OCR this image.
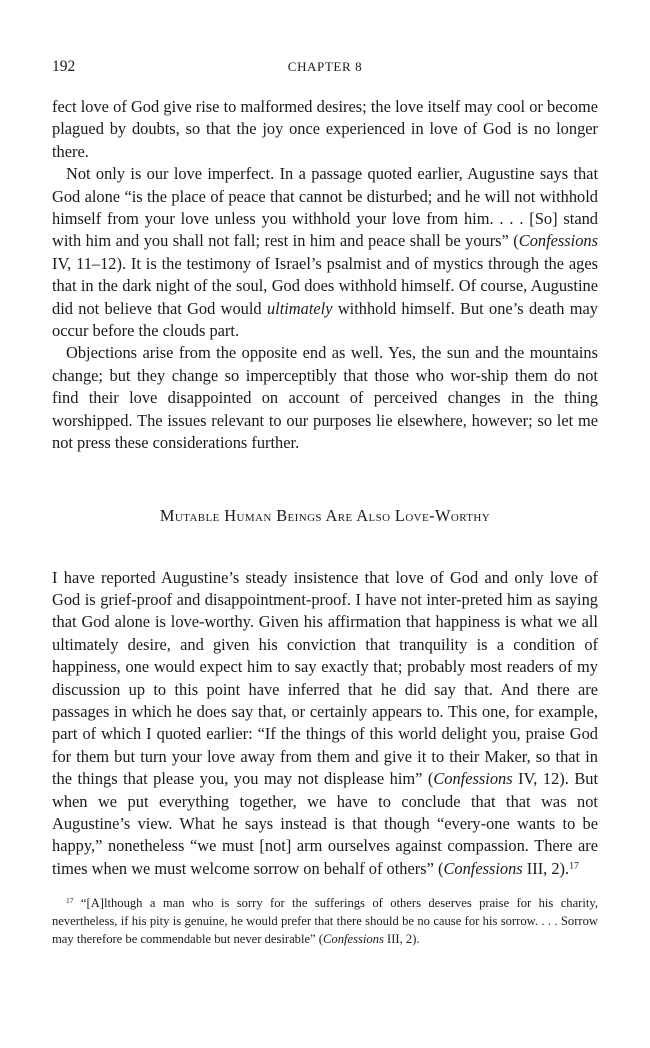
192	CHAPTER 8

fect love of God give rise to malformed desires; the love itself may cool or become plagued by doubts, so that the joy once experienced in love of God is no longer there.

Not only is our love imperfect. In a passage quoted earlier, Augustine says that God alone “is the place of peace that cannot be disturbed; and he will not withhold himself from your love unless you withhold your love from him. . . . [So] stand with him and you shall not fall; rest in him and peace shall be yours” (Confessions IV, 11–12). It is the testimony of Israel’s psalmist and of mystics through the ages that in the dark night of the soul, God does withhold himself. Of course, Augustine did not believe that God would ultimately withhold himself. But one’s death may occur before the clouds part.

Objections arise from the opposite end as well. Yes, the sun and the mountains change; but they change so imperceptibly that those who wor-ship them do not find their love disappointed on account of perceived changes in the thing worshipped. The issues relevant to our purposes lie elsewhere, however; so let me not press these considerations further.

Mutable Human Beings Are Also Love-Worthy

I have reported Augustine’s steady insistence that love of God and only love of God is grief-proof and disappointment-proof. I have not inter-preted him as saying that God alone is love-worthy. Given his affirmation that happiness is what we all ultimately desire, and given his conviction that tranquility is a condition of happiness, one would expect him to say exactly that; probably most readers of my discussion up to this point have inferred that he did say that. And there are passages in which he does say that, or certainly appears to. This one, for example, part of which I quoted earlier: “If the things of this world delight you, praise God for them but turn your love away from them and give it to their Maker, so that in the things that please you, you may not displease him” (Confessions IV, 12). But when we put everything together, we have to conclude that that was not Augustine’s view. What he says instead is that though “every-one wants to be happy,” nonetheless “we must [not] arm ourselves against compassion. There are times when we must welcome sorrow on behalf of others” (Confessions III, 2).$^{17}$

$^{17}$ “[A]lthough a man who is sorry for the sufferings of others deserves praise for his charity, nevertheless, if his pity is genuine, he would prefer that there should be no cause for his sorrow. . . . Sorrow may therefore be commendable but never desirable” (Confessions III, 2).
